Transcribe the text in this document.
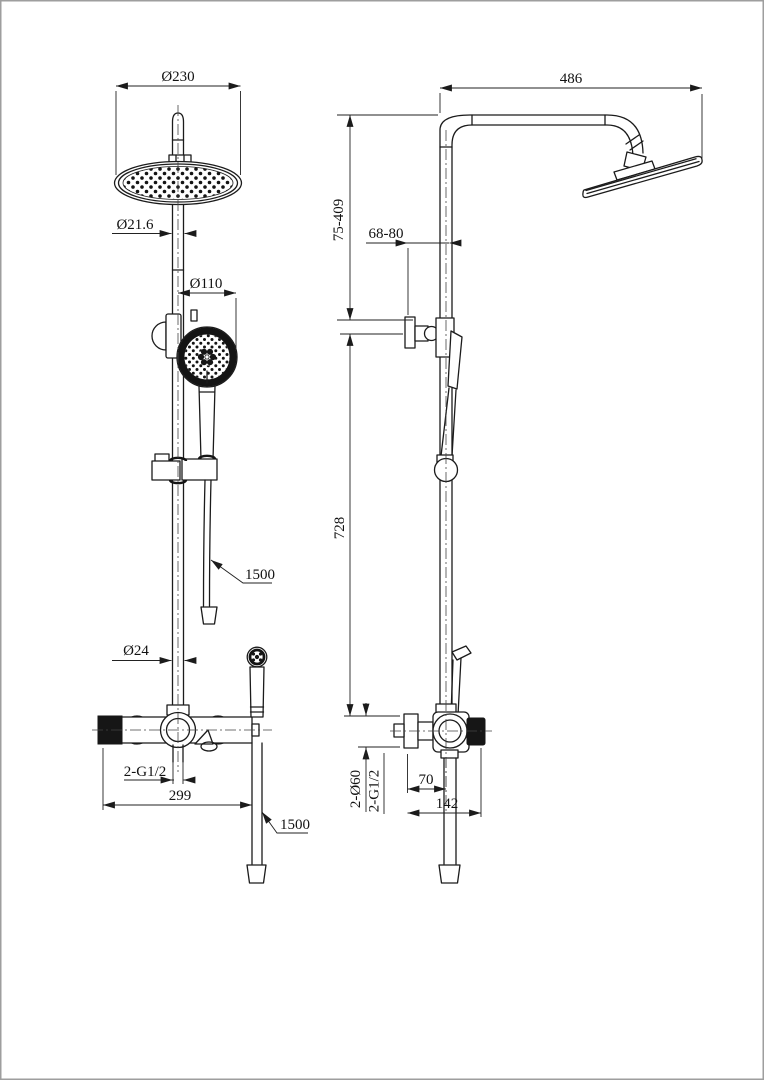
Ø230
Ø21.6
Ø110
1500
Ø24
2-G1/2
299
1500
486
75-409 68-80
728
2-Ø60 2-G1/2 70
142
